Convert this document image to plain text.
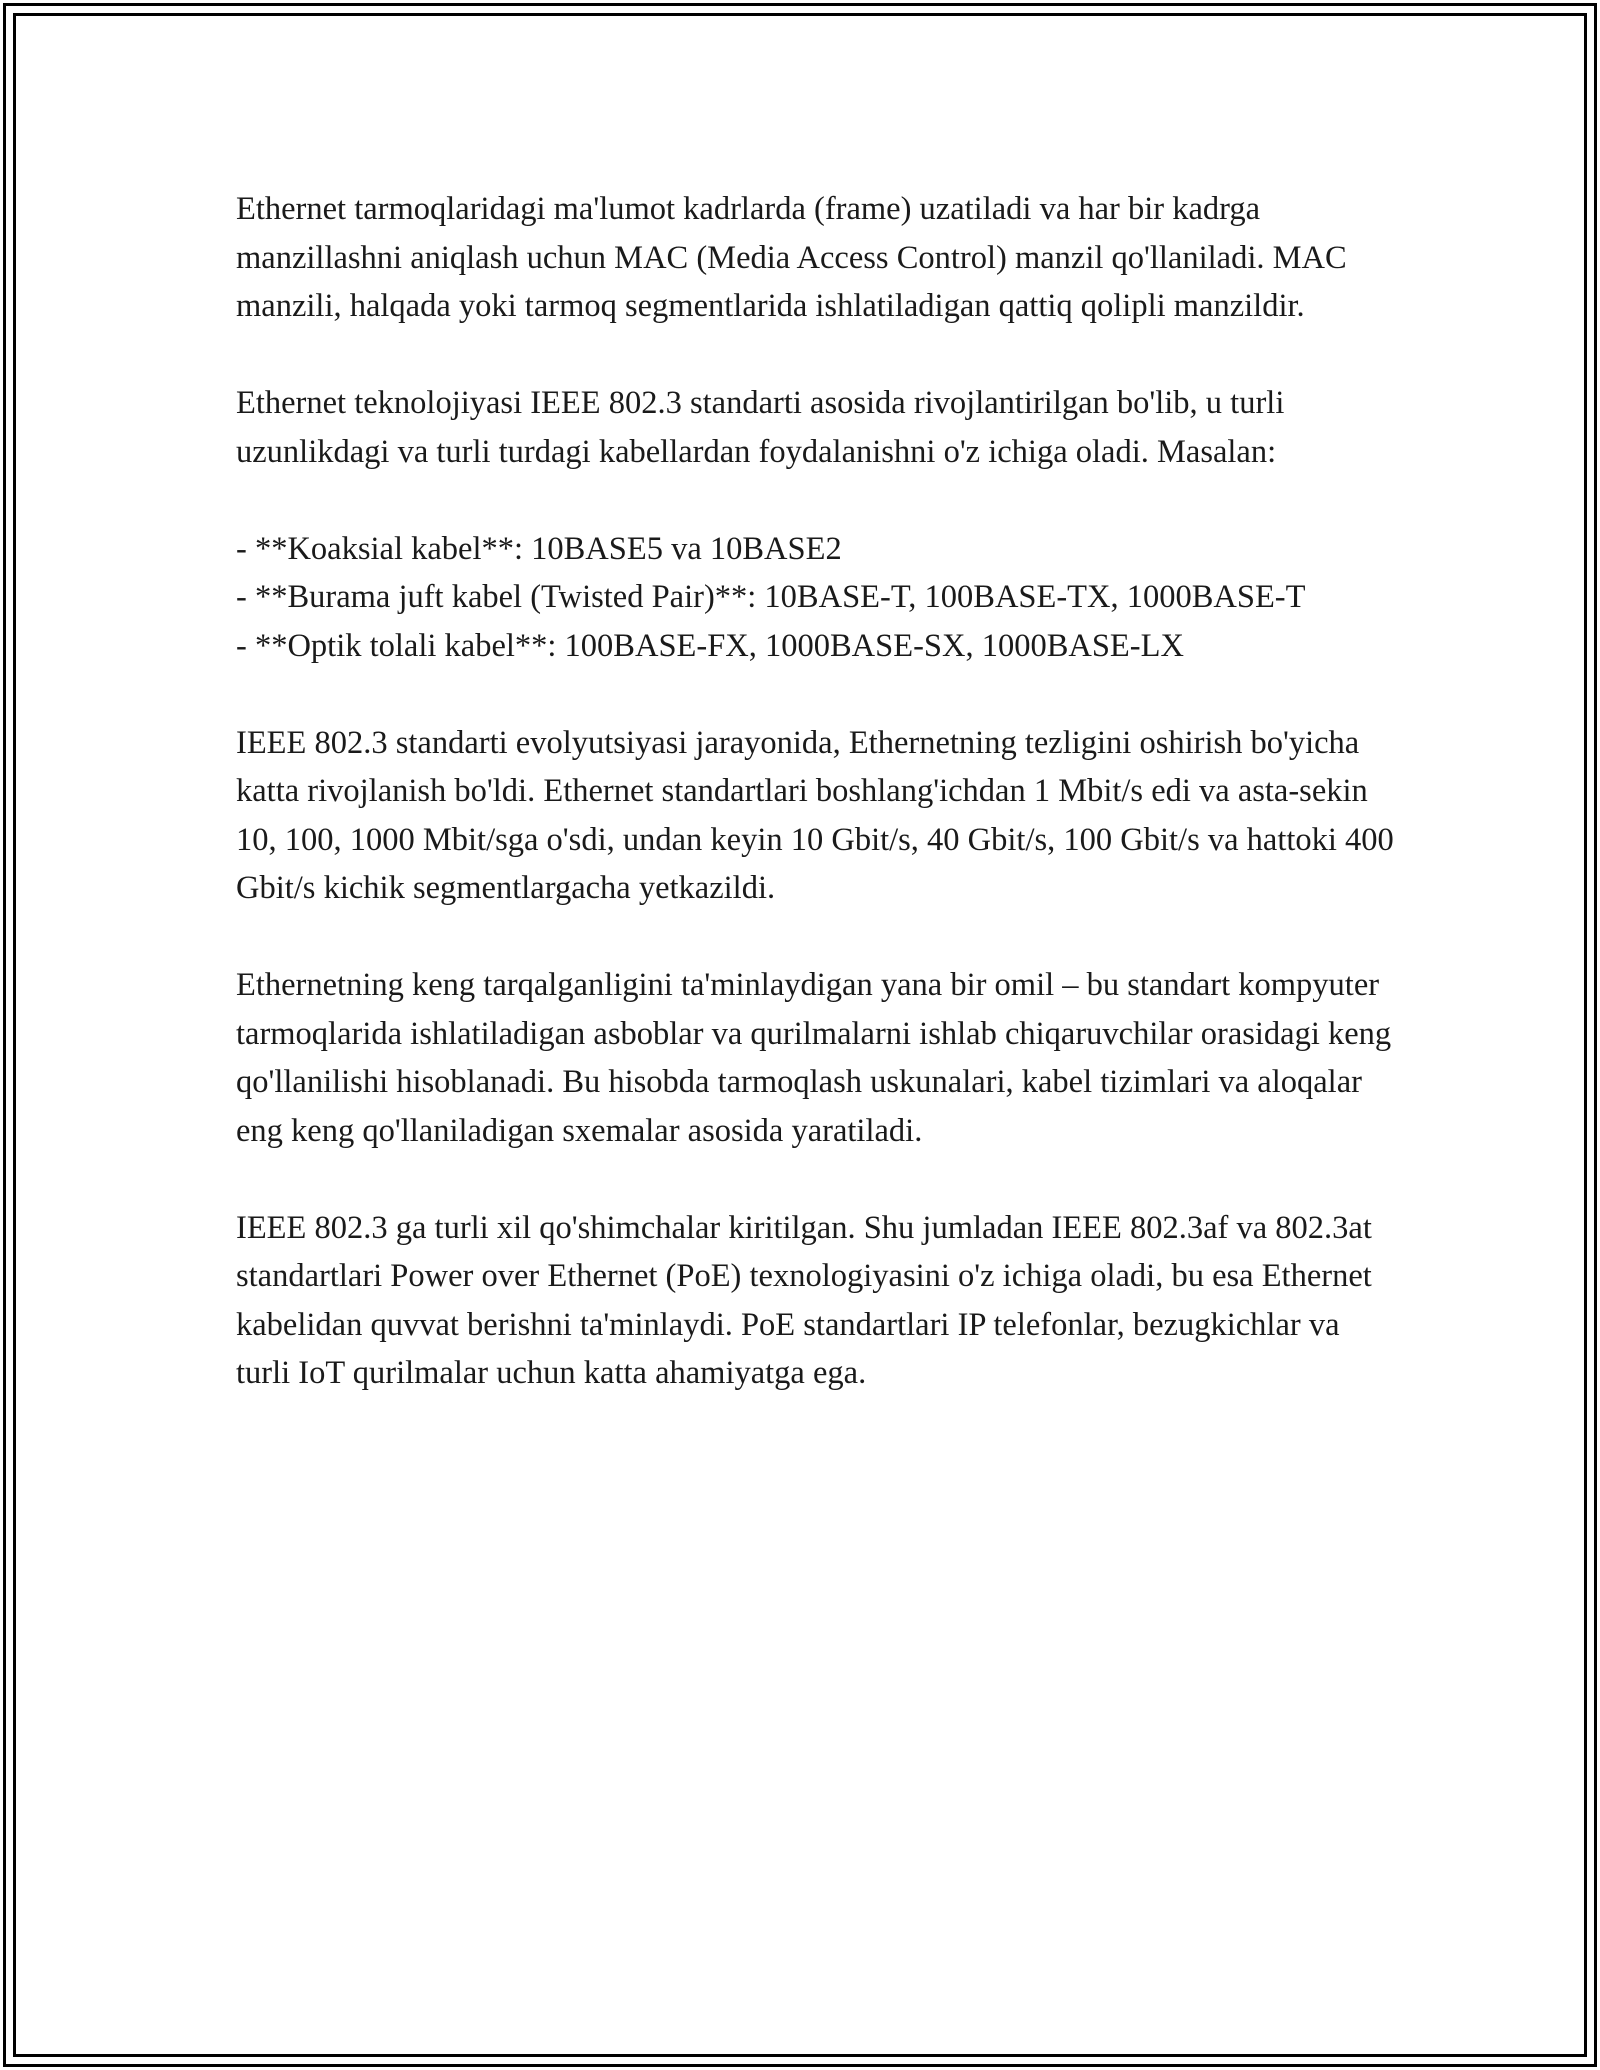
Ethernet tarmoqlaridagi ma'lumot kadrlarda (frame) uzatiladi va har bir kadrga manzillashni aniqlash uchun MAC (Media Access Control) manzil qo'llaniladi. MAC manzili, halqada yoki tarmoq segmentlarida ishlatiladigan qattiq qolipli manzildir.

Ethernet teknolojiyasi IEEE 802.3 standarti asosida rivojlantirilgan bo'lib, u turli uzunlikdagi va turli turdagi kabellardan foydalanishni o'z ichiga oladi. Masalan:

- **Koaksial kabel**: 10BASE5 va 10BASE2

- **Burama juft kabel (Twisted Pair)**: 10BASE-T, 100BASE-TX, 1000BASE-T

- **Optik tolali kabel**: 100BASE-FX, 1000BASE-SX, 1000BASE-LX

IEEE 802.3 standarti evolyutsiyasi jarayonida, Ethernetning tezligini oshirish bo'yicha katta rivojlanish bo'ldi. Ethernet standartlari boshlang'ichdan 1 Mbit/s edi va asta-sekin 10, 100, 1000 Mbit/sga o'sdi, undan keyin 10 Gbit/s, 40 Gbit/s, 100 Gbit/s va hattoki 400 Gbit/s kichik segmentlargacha yetkazildi.

Ethernetning keng tarqalganligini ta'minlaydigan yana bir omil – bu standart kompyuter tarmoqlarida ishlatiladigan asboblar va qurilmalarni ishlab chiqaruvchilar orasidagi keng qo'llanilishi hisoblanadi. Bu hisobda tarmoqlash uskunalari, kabel tizimlari va aloqalar eng keng qo'llaniladigan sxemalar asosida yaratiladi.

IEEE 802.3 ga turli xil qo'shimchalar kiritilgan. Shu jumladan IEEE 802.3af va 802.3at standartlari Power over Ethernet (PoE) texnologiyasini o'z ichiga oladi, bu esa Ethernet kabelidan quvvat berishni ta'minlaydi. PoE standartlari IP telefonlar, bezugkichlar va turli IoT qurilmalar uchun katta ahamiyatga ega.
